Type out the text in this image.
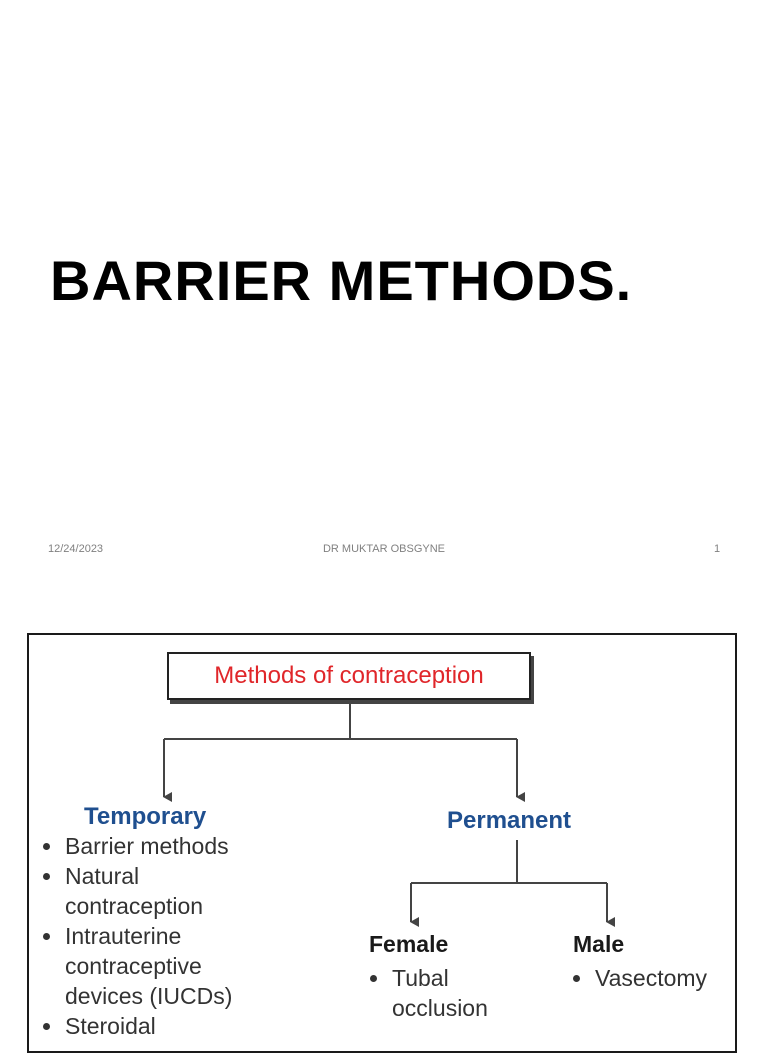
BARRIER METHODS.
12/24/2023	DR MUKTAR OBSGYNE	1
Methods of contraception
Temporary
Barrier methods
Natural contraception
Intrauterine contraceptive devices (IUCDs)
Steroidal
Permanent
Female
Tubal occlusion
Male
Vasectomy
